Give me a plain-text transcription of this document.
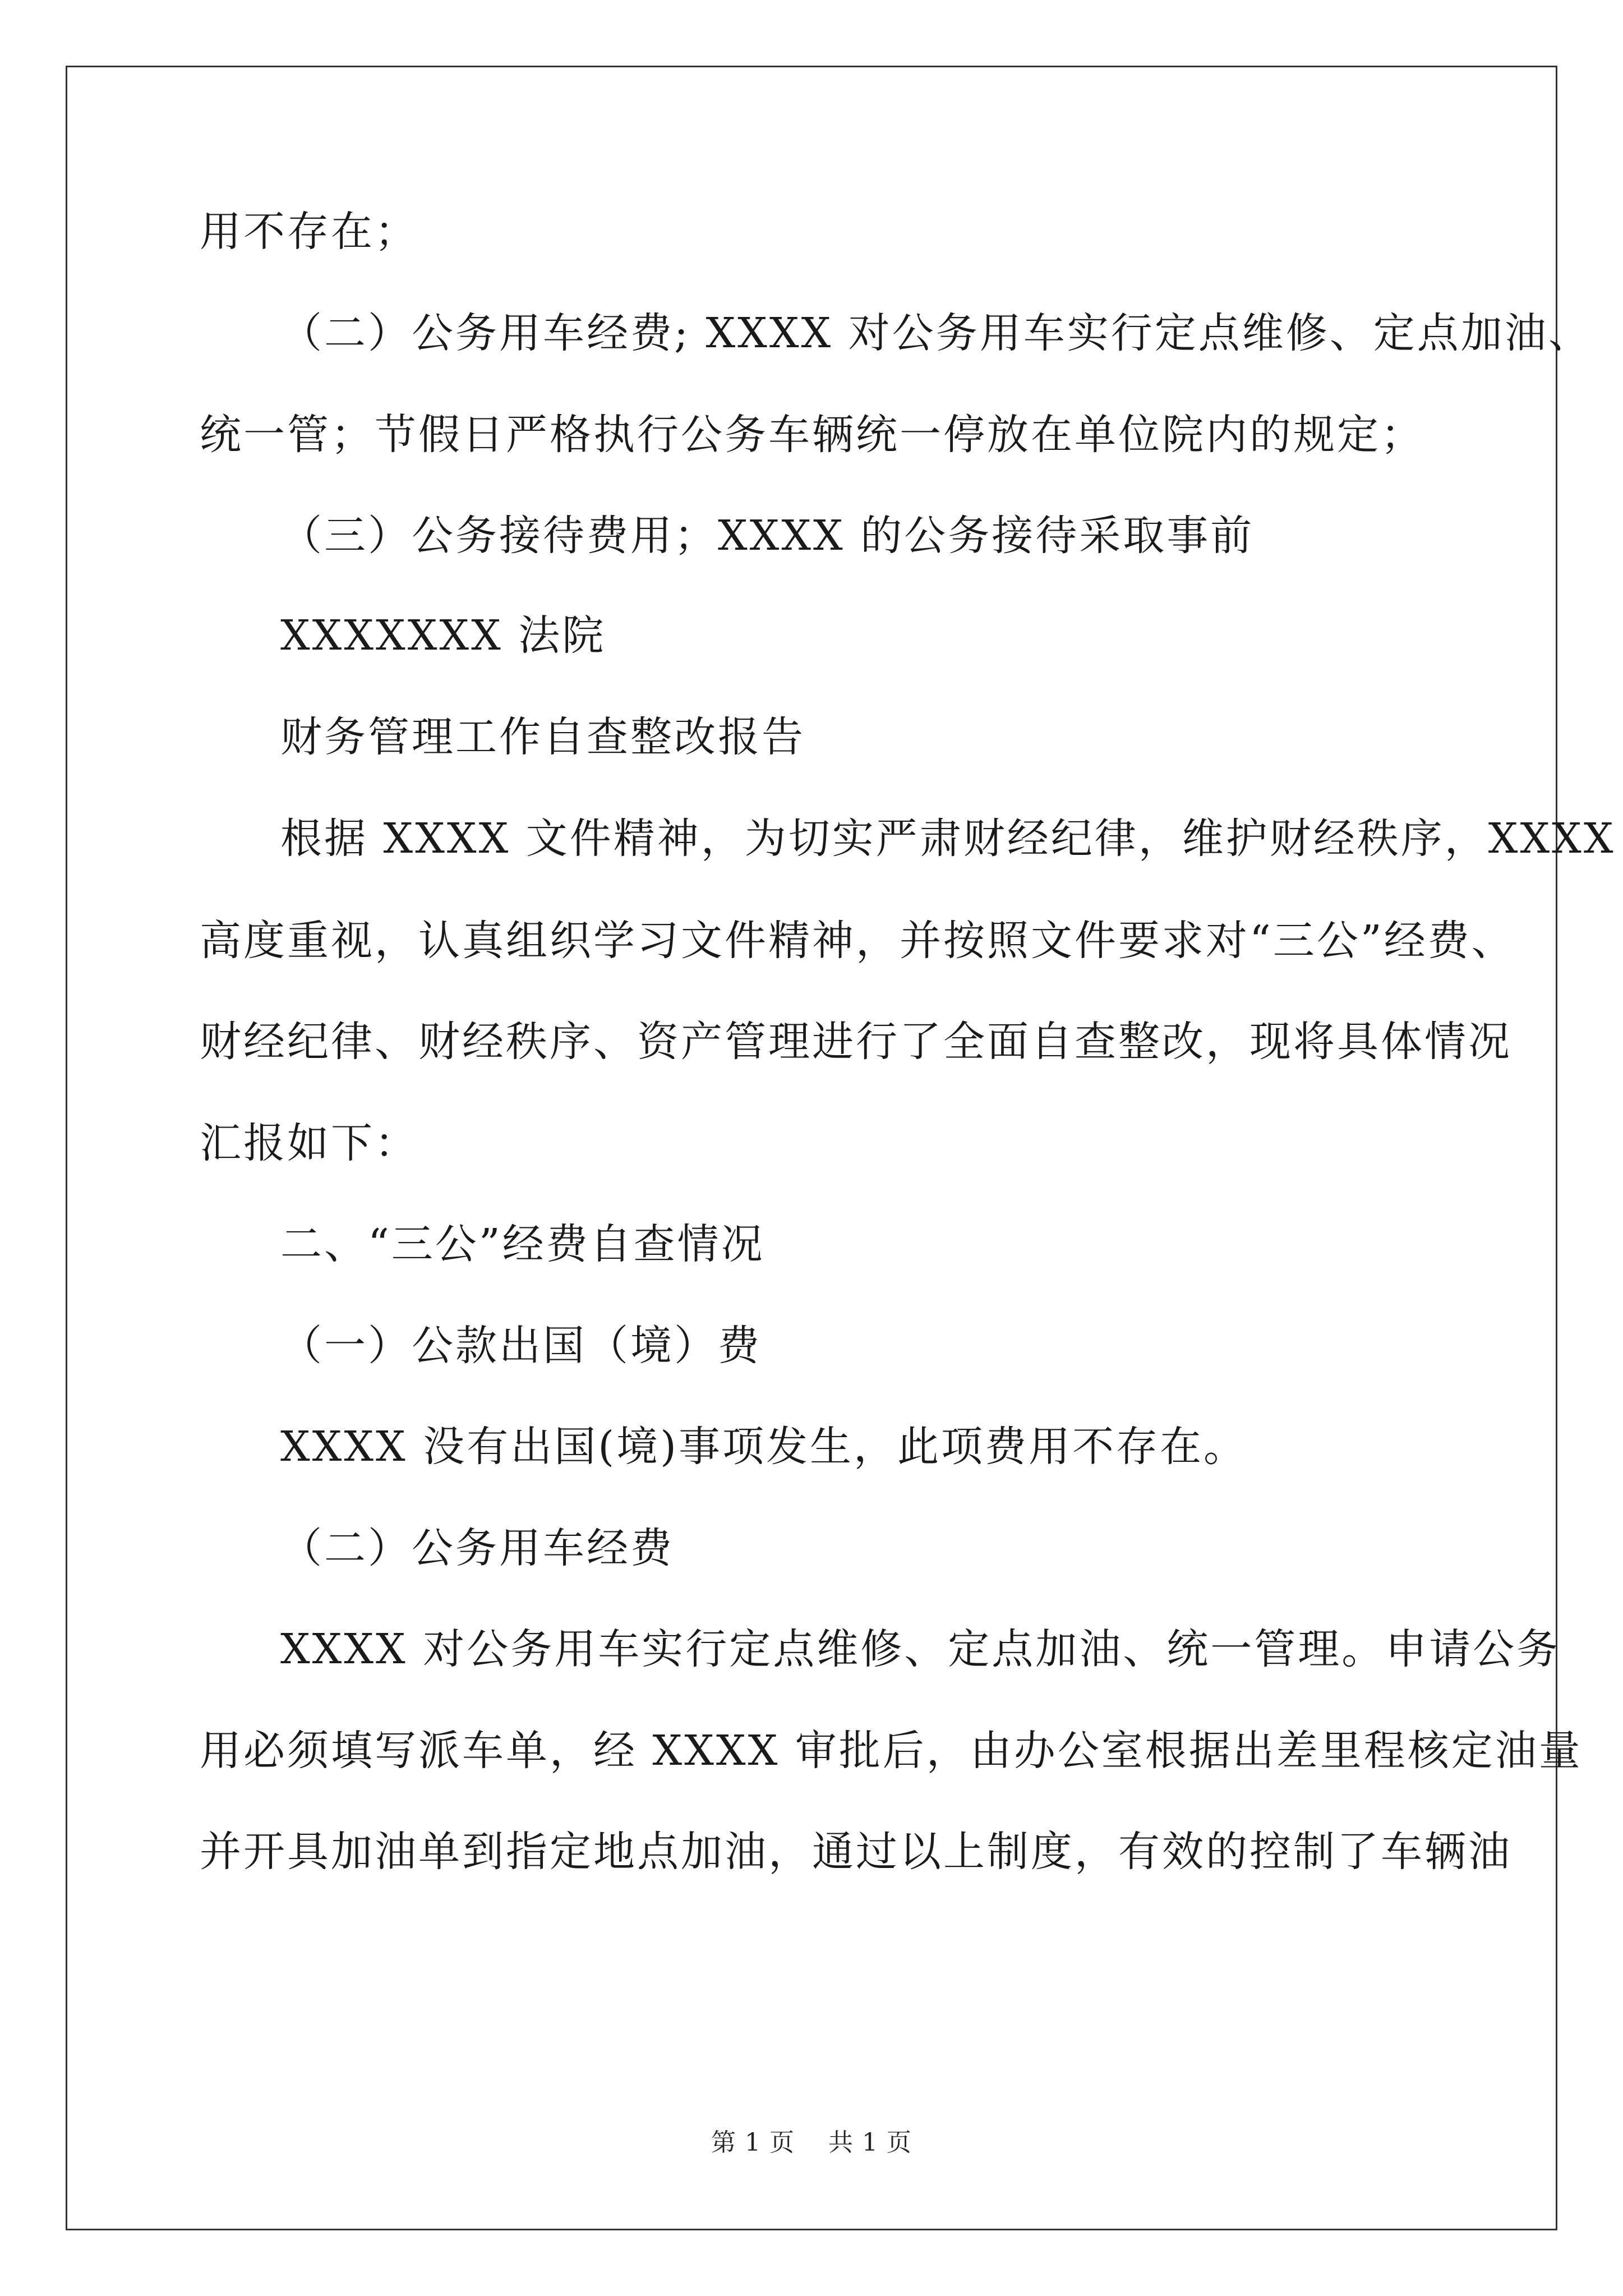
用不存在；
（二）公务用车经费; XXXX 对公务用车实行定点维修、定点加油、
统一管；节假日严格执行公务车辆统一停放在单位院内的规定；
（三）公务接待费用；XXXX 的公务接待采取事前
XXXXXXX 法院
财务管理工作自查整改报告
根据 XXXX 文件精神，为切实严肃财经纪律，维护财经秩序，XXXX
高度重视，认真组织学习文件精神，并按照文件要求对“三公”经费、
财经纪律、财经秩序、资产管理进行了全面自查整改，现将具体情况
汇报如下：
二、“三公”经费自查情况
（一）公款出国（境）费
XXXX 没有出国(境)事项发生，此项费用不存在。
（二）公务用车经费
XXXX 对公务用车实行定点维修、定点加油、统一管理。申请公务
用必须填写派车单，经 XXXX 审批后，由办公室根据出差里程核定油量
并开具加油单到指定地点加油，通过以上制度，有效的控制了车辆油
第 1 页 共 1 页
